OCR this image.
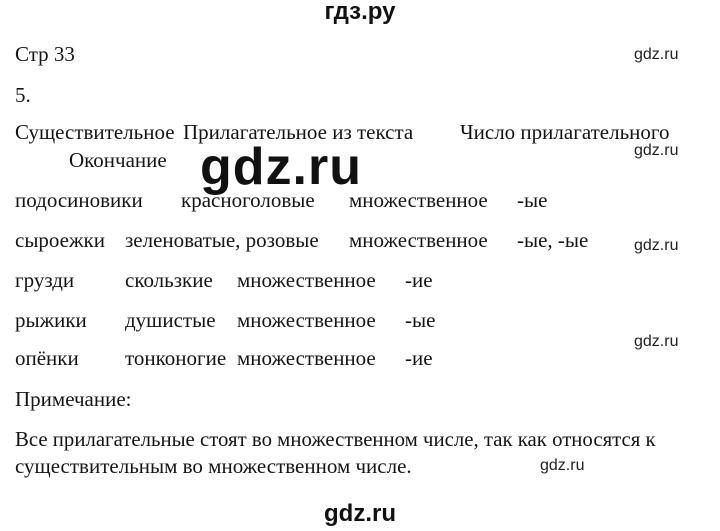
гдз.ру
Стр 33
5.
Существительное Прилагательное из текста Число прилагательного
Окончание
подосиновики красноголовые множественное -ые
сыроежки зеленоватые, розовые множественное -ые, -ые
грузди скользкие множественное -ие
рыжики душистые множественное -ые
опёнки тонконогие множественное -ие
Примечание:
Все прилагательные стоят во множественном числе, так как относятся к
существительным во множественном числе.
gdz.ru
gdz.ru
gdz.ru
gdz.ru
gdz.ru
gdz.ru
gdz.ru
